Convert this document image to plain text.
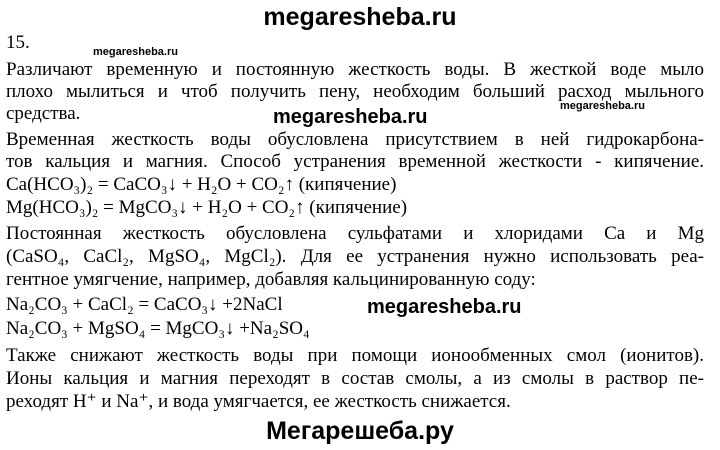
megaresheba.ru
15.	megaresheba.ru
Различают временную и постоянную жесткость воды. В жесткой воде мыло
плохо мылиться и чтоб получить пену, необходим больший расход мыльного
средства.	megaresheba.ru
megaresheba.ru
Временная жесткость воды обусловлена присутствием в ней гидрокарбона-
тов кальция и магния. Способ устранения временной жесткости - кипячение.
Ca(HCO₃)₂ = CaCO₃↓ + H₂O + CO₂↑ (кипячение)
Mg(HCO₃)₂ = MgCO₃↓ + H₂O + CO₂↑ (кипячение)
Постоянная жесткость обусловлена сульфатами и хлоридами Ca и Mg
(CaSO₄, CaCl₂, MgSO₄, MgCl₂). Для ее устранения нужно использовать реа-
гентное умягчение, например, добавляя кальцинированную соду:
Na₂CO₃ + CaCl₂ = CaCO₃↓ +2NaCl	megaresheba.ru
Na₂CO₃ + MgSO₄ = MgCO₃↓ +Na₂SO₄
Также снижают жесткость воды при помощи ионообменных смол (ионитов).
Ионы кальция и магния переходят в состав смолы, а из смолы в раствор пе-
реходят H⁺ и Na⁺, и вода умягчается, ее жесткость снижается.
Мегарешеба.ру
